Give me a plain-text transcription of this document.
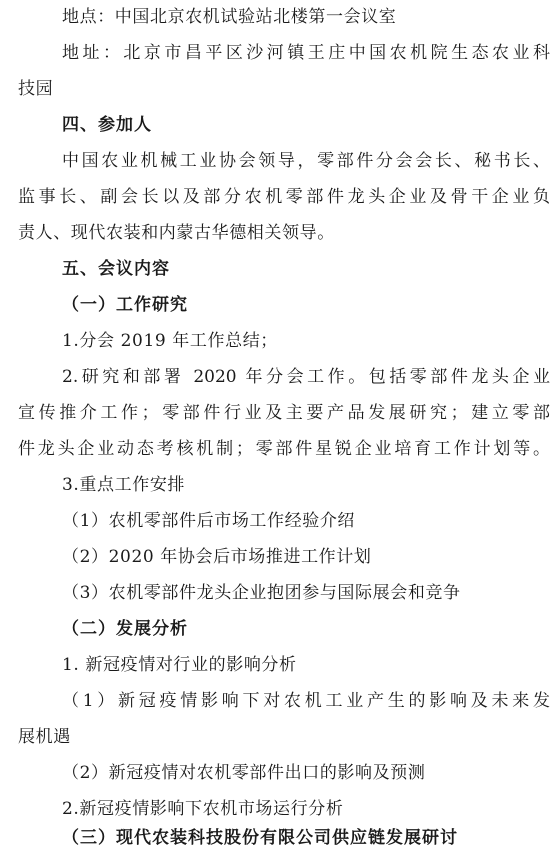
地点：中国北京农机试验站北楼第一会议室
地址：北京市昌平区沙河镇王庄中国农机院生态农业科
技园
四、参加人
中国农业机械工业协会领导，零部件分会会长、秘书长、
监事长、副会长以及部分农机零部件龙头企业及骨干企业负
责人、现代农装和内蒙古华德相关领导。
五、会议内容
（一）工作研究
1.分会 2019 年工作总结；
2.研究和部署 2020 年分会工作。包括零部件龙头企业
宣传推介工作；零部件行业及主要产品发展研究；建立零部
件龙头企业动态考核机制；零部件星锐企业培育工作计划等。
3.重点工作安排
（1）农机零部件后市场工作经验介绍
（2）2020 年协会后市场推进工作计划
（3）农机零部件龙头企业抱团参与国际展会和竞争
（二）发展分析
1. 新冠疫情对行业的影响分析
（1）新冠疫情影响下对农机工业产生的影响及未来发
展机遇
（2）新冠疫情对农机零部件出口的影响及预测
2.新冠疫情影响下农机市场运行分析
（三）现代农装科技股份有限公司供应链发展研讨
